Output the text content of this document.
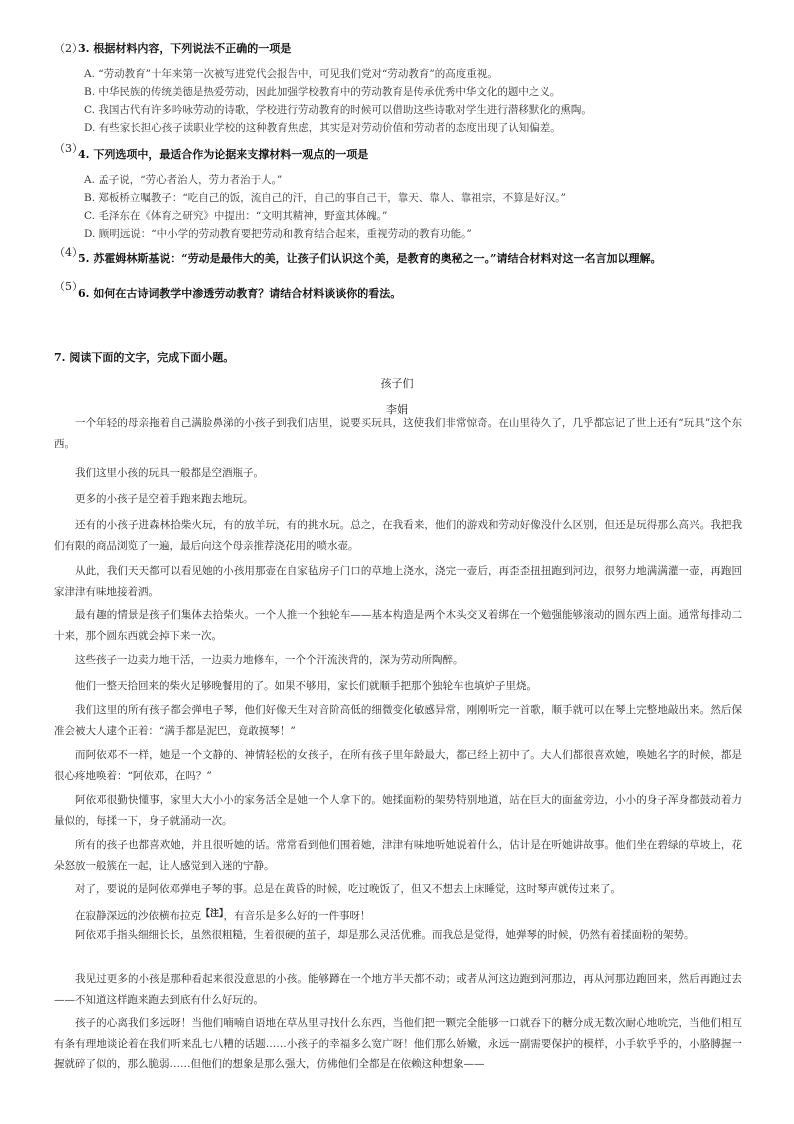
（2）
3. 根据材料内容，下列说法不正确的一项是
A. “劳动教育”十年来第一次被写进党代会报告中，可见我们党对“劳动教育”的高度重视。
B. 中华民族的传统美德是热爱劳动，因此加强学校教育中的劳动教育是传承优秀中华文化的题中之义。
C. 我国古代有许多吟咏劳动的诗歌，学校进行劳动教育的时候可以借助这些诗歌对学生进行潜移默化的熏陶。
D. 有些家长担心孩子读职业学校的这种教育焦虑，其实是对劳动价值和劳动者的态度出现了认知偏差。
（3）
4. 下列选项中，最适合作为论据来支撑材料一观点的一项是
A. 孟子说，“劳心者治人，劳力者治于人。”
B. 郑板桥立嘱教子：“吃自己的饭，流自己的汗，自己的事自己干，靠天、靠人、靠祖宗，不算是好汉。”
C. 毛泽东在《体育之研究》中提出：“文明其精神，野蛮其体魄。”
D. 顾明远说：“中小学的劳动教育要把劳动和教育结合起来，重视劳动的教育功能。”
（4）
5. 苏霍姆林斯基说：“劳动是最伟大的美，让孩子们认识这个美，是教育的奥秘之一。”请结合材料对这一名言加以理解。
（5）
6. 如何在古诗词教学中渗透劳动教育？请结合材料谈谈你的看法。
7. 阅读下面的文字，完成下面小题。
孩子们
李娟

一个年轻的母亲拖着自己满脸鼻涕的小孩子到我们店里，说要买玩具，这使我们非常惊奇。在山里待久了，几乎都忘记了世上还有“玩具”这个东西。

我们这里小孩的玩具一般都是空酒瓶子。

更多的小孩子是空着手跑来跑去地玩。

还有的小孩子进森林拾柴火玩，有的放羊玩，有的挑水玩。总之，在我看来，他们的游戏和劳动好像没什么区别，但还是玩得那么高兴。我把我们有限的商品浏览了一遍，最后向这个母亲推荐浇花用的喷水壶。

从此，我们天天都可以看见她的小孩用那壶在自家毡房子门口的草地上浇水，浇完一壶后，再歪歪扭扭跑到河边，很努力地满满灌一壶，再跑回家津津有味地接着洒。

最有趣的情景是孩子们集体去拾柴火。一个人推一个独轮车——基本构造是两个木头交叉着绑在一个勉强能够滚动的圆东西上面。通常每排动二十来，那个圆东西就会掉下来一次。

这些孩子一边卖力地干活，一边卖力地修车，一个个汗流浃背的，深为劳动所陶醉。

他们一整天拾回来的柴火足够晚餐用的了。如果不够用，家长们就顺手把那个独轮车也填炉子里烧。

我们这里的所有孩子都会弹电子琴，他们好像天生对音阶高低的细微变化敏感异常，刚刚听完一首歌，顺手就可以在琴上完整地敲出来。然后保准会被大人逮个正着：“满手都是泥巴，竟敢摸琴！”

而阿依邓不一样，她是一个文静的、神情轻松的女孩子，在所有孩子里年龄最大，都已经上初中了。大人们都很喜欢她，唤她名字的时候，都是很心疼地唤着：“阿依邓，在吗？”

阿依邓很勤快懂事，家里大大小小的家务活全是她一个人拿下的。她揉面粉的架势特别地道，站在巨大的面盆旁边，小小的身子浑身都鼓动着力量似的，每揉一下，身子就涌动一次。

所有的孩子也都喜欢她，并且很听她的话。常常看到他们围着她，津津有味地听她说着什么，估计是在听她讲故事。他们坐在碧绿的草坡上，花朵怒放一般簇在一起，让人感觉到入迷的宁静。

对了，要说的是阿依邓弹电子琴的事。总是在黄昏的时候，吃过晚饭了，但又不想去上床睡觉，这时琴声就传过来了。

在寂静深远的沙依横布拉克【注】，有音乐是多么好的一件事呀！

阿依邓手指头细细长长，虽然很粗糙，生着很硬的茧子，却是那么灵活优雅。而我总是觉得，她弹琴的时候，仍然有着揉面粉的架势。

我见过更多的小孩是那种看起来很没意思的小孩。能够蹲在一个地方半天都不动；或者从河这边跑到河那边，再从河那边跑回来，然后再跑过去——不知道这样跑来跑去到底有什么好玩的。

孩子的心离我们多远呀！当他们喃喃自语地在草丛里寻找什么东西，当他们把一颗完全能够一口就吞下的糖分成无数次耐心地吮完，当他们相互有条有理地谈论着在我们听来乱七八糟的话题……小孩子的幸福多么宽广呀！他们那么娇嫩，永远一副需要保护的模样，小手软乎乎的，小胳膊握一握就碎了似的，那么脆弱……但他们的想象是那么强大，仿佛他们全都是在依赖这种想象——
